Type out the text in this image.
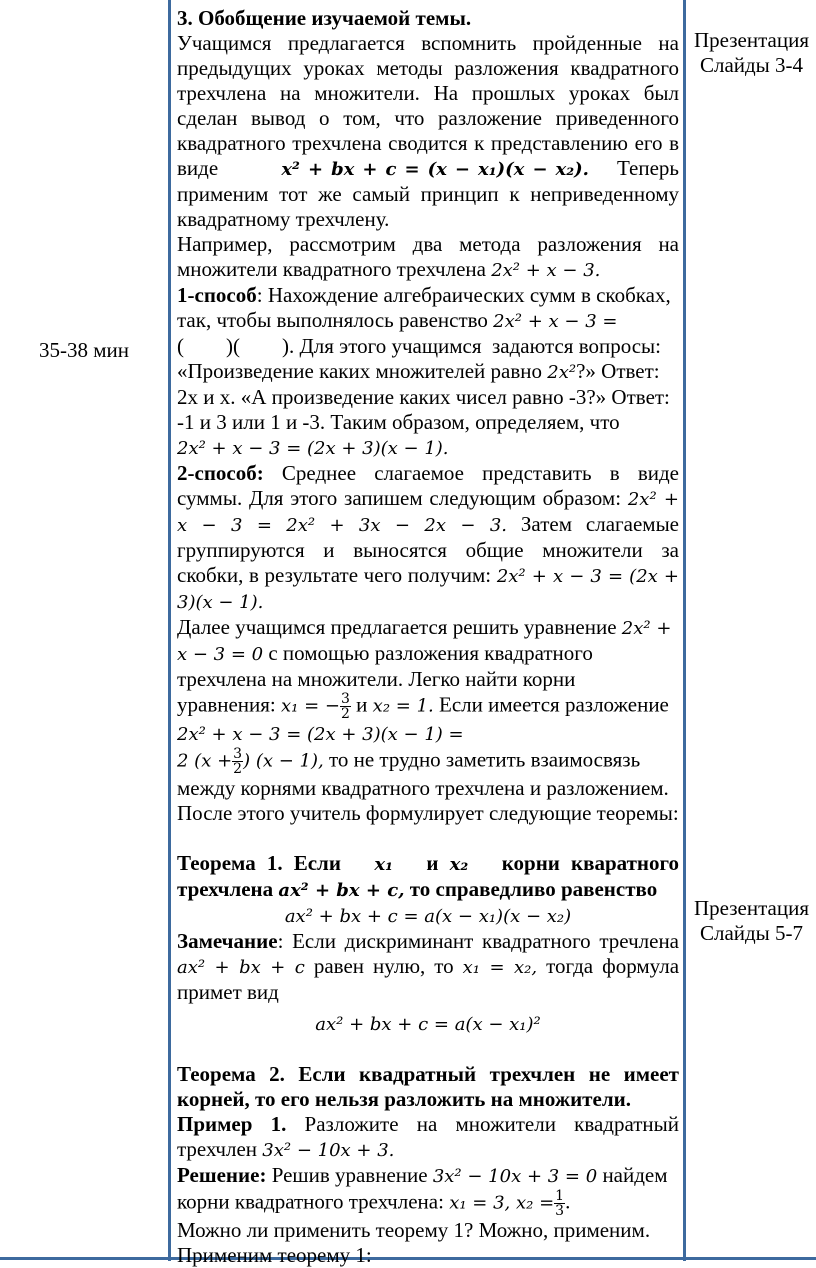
35-38 мин

3. Обобщение изучаемой темы.

Учащимся предлагается вспомнить пройденные на предыдущих уроках методы разложения квадратного трехчлена на множители. На прошлых уроках был сделан вывод о том, что разложение приведенного квадратного трехчлена сводится к представлению его в виде	x² + bx + c = (x − x₁)(x − x₂). Теперь применим тот же самый принцип к неприведенному квадратному трехчлену.

Например, рассмотрим два метода разложения на множители квадратного трехчлена 2x² + x − 3.

1-способ: Нахождение алгебраических сумм в скобках, так, чтобы выполнялось равенство 2x² + x − 3 =
(        )(        ). Для этого учащимся  задаются вопросы:
«Произведение каких множителей равно 2x²?» Ответ: 2x и x. «А произведение каких чисел равно -3?» Ответ: -1 и 3 или 1 и -3. Таким образом, определяем, что
2x² + x − 3 = (2x + 3)(x − 1).

2-способ: Среднее слагаемое представить в виде суммы. Для этого запишем следующим образом: 2x² + x − 3 = 2x² + 3x − 2x − 3. Затем слагаемые группируются и выносятся общие множители за скобки, в результате чего получим: 2x² + x − 3 = (2x + 3)(x − 1).

Далее учащимся предлагается решить уравнение 2x² + x − 3 = 0 с помощью разложения квадратного трехчлена на множители. Легко найти корни уравнения: x₁ = − $\frac{3}{2}$ и x₂ = 1. Если имеется разложение  2x² + x − 3 = (2x + 3)(x − 1) =
2 ($x + \frac{3}{2}$ ) (x − 1), то не трудно заметить взаимосвязь между корнями квадратного трехчлена и разложением. После этого учитель формулирует следующие теоремы:

Теорема 1. Если x₁ и x₂ корни кваратного трехчлена ax² + bx + c, то справедливо равенство

ax² + bx + c = a(x − x₁)(x − x₂)

Замечание: Если дискриминант квадратного тречлена ax² + bx + c равен нулю, то x₁ = x₂, тогда формула примет вид

ax² + bx + c = a(x − x₁)²

Теорема 2. Если квадратный трехчлен не имеет корней, то его нельзя разложить на множители.

Пример 1. Разложите на множители квадратный трехчлен 3x² − 10x + 3.

Решение: Решив уравнение 3x² − 10x + 3 = 0 найдем корни квадратного трехчлена: x₁ = 3, $x_2 = \frac{1}{3}$ .

Можно ли применить теорему 1? Можно, применим.

Применим теорему 1:

Презентация
Слайды 3-4
Презентация
Слайды 5-7
